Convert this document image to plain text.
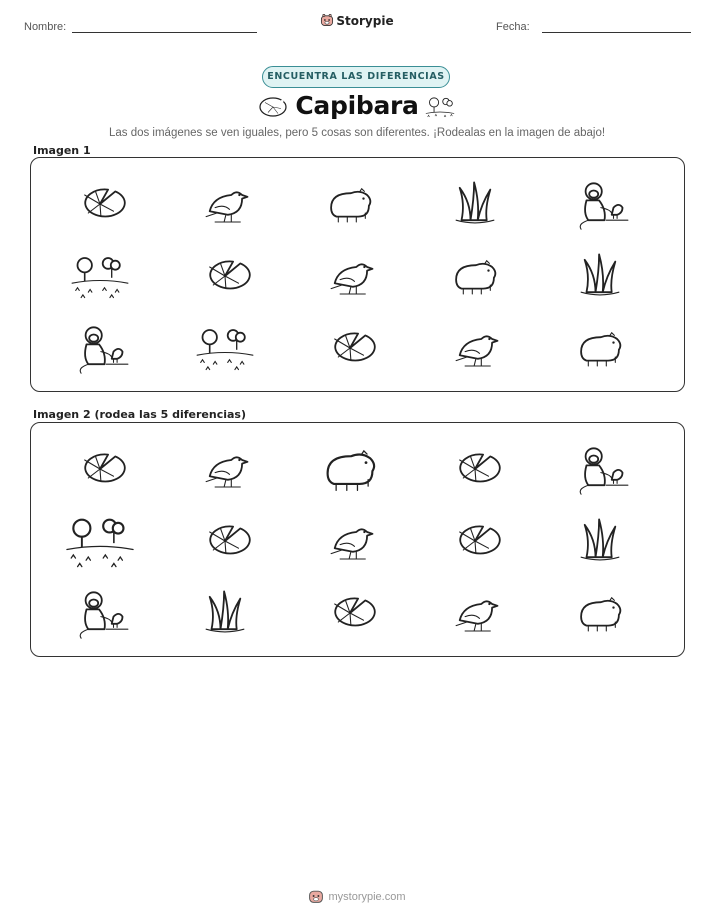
Nombre:	Storypie	Fecha:
ENCUENTRA LAS DIFERENCIAS
Capibara
Las dos imágenes se ven iguales, pero 5 cosas son diferentes. ¡Rodealas en la imagen de abajo!
Imagen 1
Imagen 2 (rodea las 5 diferencias)
mystorypie.com
